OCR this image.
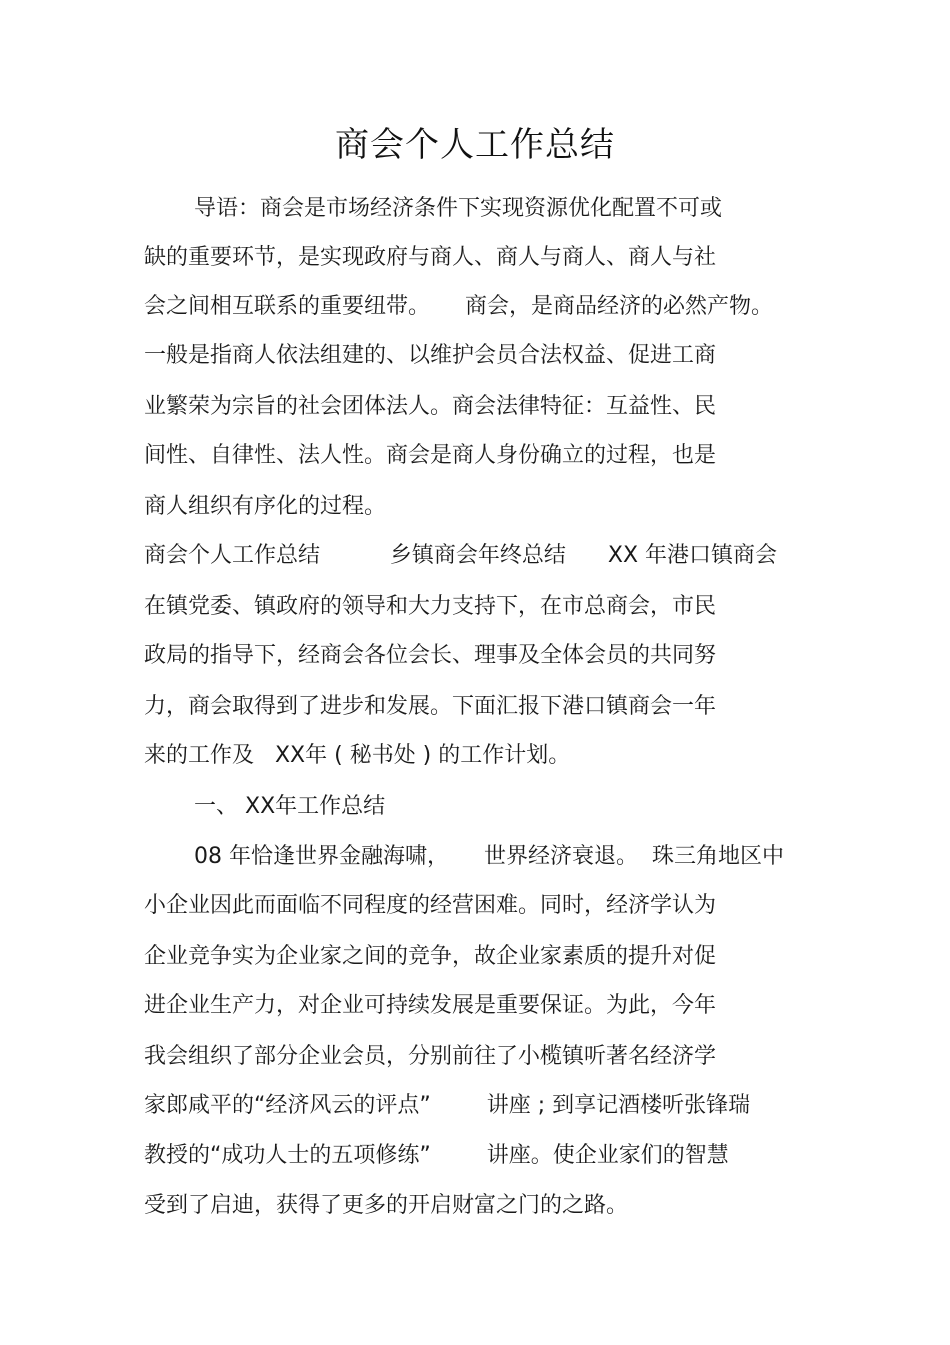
商会个人工作总结
导语：商会是市场经济条件下实现资源优化配置不可或
缺的重要环节，是实现政府与商人、商人与商人、商人与社
会之间相互联系的重要纽带。     商会，是商品经济的必然产物。
一般是指商人依法组建的、以维护会员合法权益、促进工商
业繁荣为宗旨的社会团体法人。商会法律特征：互益性、民
间性、自律性、法人性。商会是商人身份确立的过程，也是
商人组织有序化的过程。
商会个人工作总结          乡镇商会年终总结      XX 年港口镇商会
在镇党委、镇政府的领导和大力支持下，在市总商会，市民
政局的指导下，经商会各位会长、理事及全体会员的共同努
力，商会取得到了进步和发展。下面汇报下港口镇商会一年
来的工作及   XX年 ( 秘书处 ) 的工作计划。
一、 XX年工作总结
08 年恰逢世界金融海啸，     世界经济衰退。  珠三角地区中
小企业因此而面临不同程度的经营困难。同时，经济学认为
企业竞争实为企业家之间的竞争，故企业家素质的提升对促
进企业生产力，对企业可持续发展是重要保证。为此，今年
我会组织了部分企业会员，分别前往了小榄镇听著名经济学
家郎咸平的“经济风云的评点”        讲座 ; 到享记酒楼听张锋瑞
教授的“成功人士的五项修练”        讲座。使企业家们的智慧
受到了启迪，获得了更多的开启财富之门的之路。
